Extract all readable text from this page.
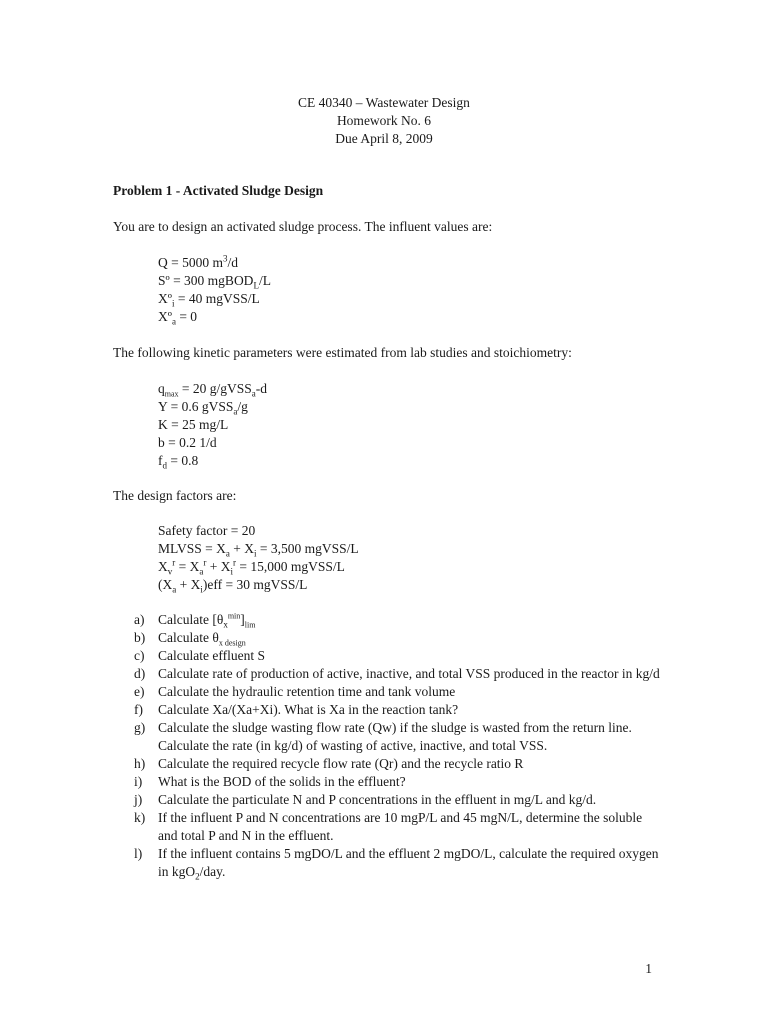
CE 40340 – Wastewater Design
Homework No. 6
Due April 8, 2009
Problem 1 - Activated Sludge Design
You are to design an activated sludge process. The influent values are:
Q = 5000 $m^3/d$
Sº = 300 mgBOD$_L$/L
Xº$_i$ = 40 mgVSS/L
Xº$_a$ = 0
The following kinetic parameters were estimated from lab studies and stoichiometry:
$q_{max} = 20$ g/gVSS$_a$-d
Y = 0.6 gVSS$_a$/g
K = 25 mg/L
b = 0.2 1/d
$f_d = 0.8$
The design factors are:
Safety factor = 20
MLVSS = $X_a + X_i = 3,500$ mgVSS/L
$X_v^r = X_a^r + X_i^r = 15,000$ mgVSS/L
$(X_a + X_i)eff = 30$ mgVSS/L
a)	Calculate $[\theta_x^{min}]_{lim}$
b) Calculate $\theta_{x design}$
c)	Calculate effluent S
d) Calculate rate of production of active, inactive, and total VSS produced in the reactor in kg/d
e)	Calculate the hydraulic retention time and tank volume
f)	Calculate Xa/(Xa+Xi). What is Xa in the reaction tank?
g) Calculate the sludge wasting flow rate (Qw) if the sludge is wasted from the return line. Calculate the rate (in kg/d) of wasting of active, inactive, and total VSS.
h) Calculate the required recycle flow rate (Qr) and the recycle ratio R
i)	What is the BOD of the solids in the effluent?
j)	Calculate the particulate N and P concentrations in the effluent in mg/L and kg/d.
k) If the influent P and N concentrations are 10 mgP/L and 45 mgN/L, determine the soluble and total P and N in the effluent.
l)	If the influent contains 5 mgDO/L and the effluent 2 mgDO/L, calculate the required oxygen in kgO$_2$/day.
1
